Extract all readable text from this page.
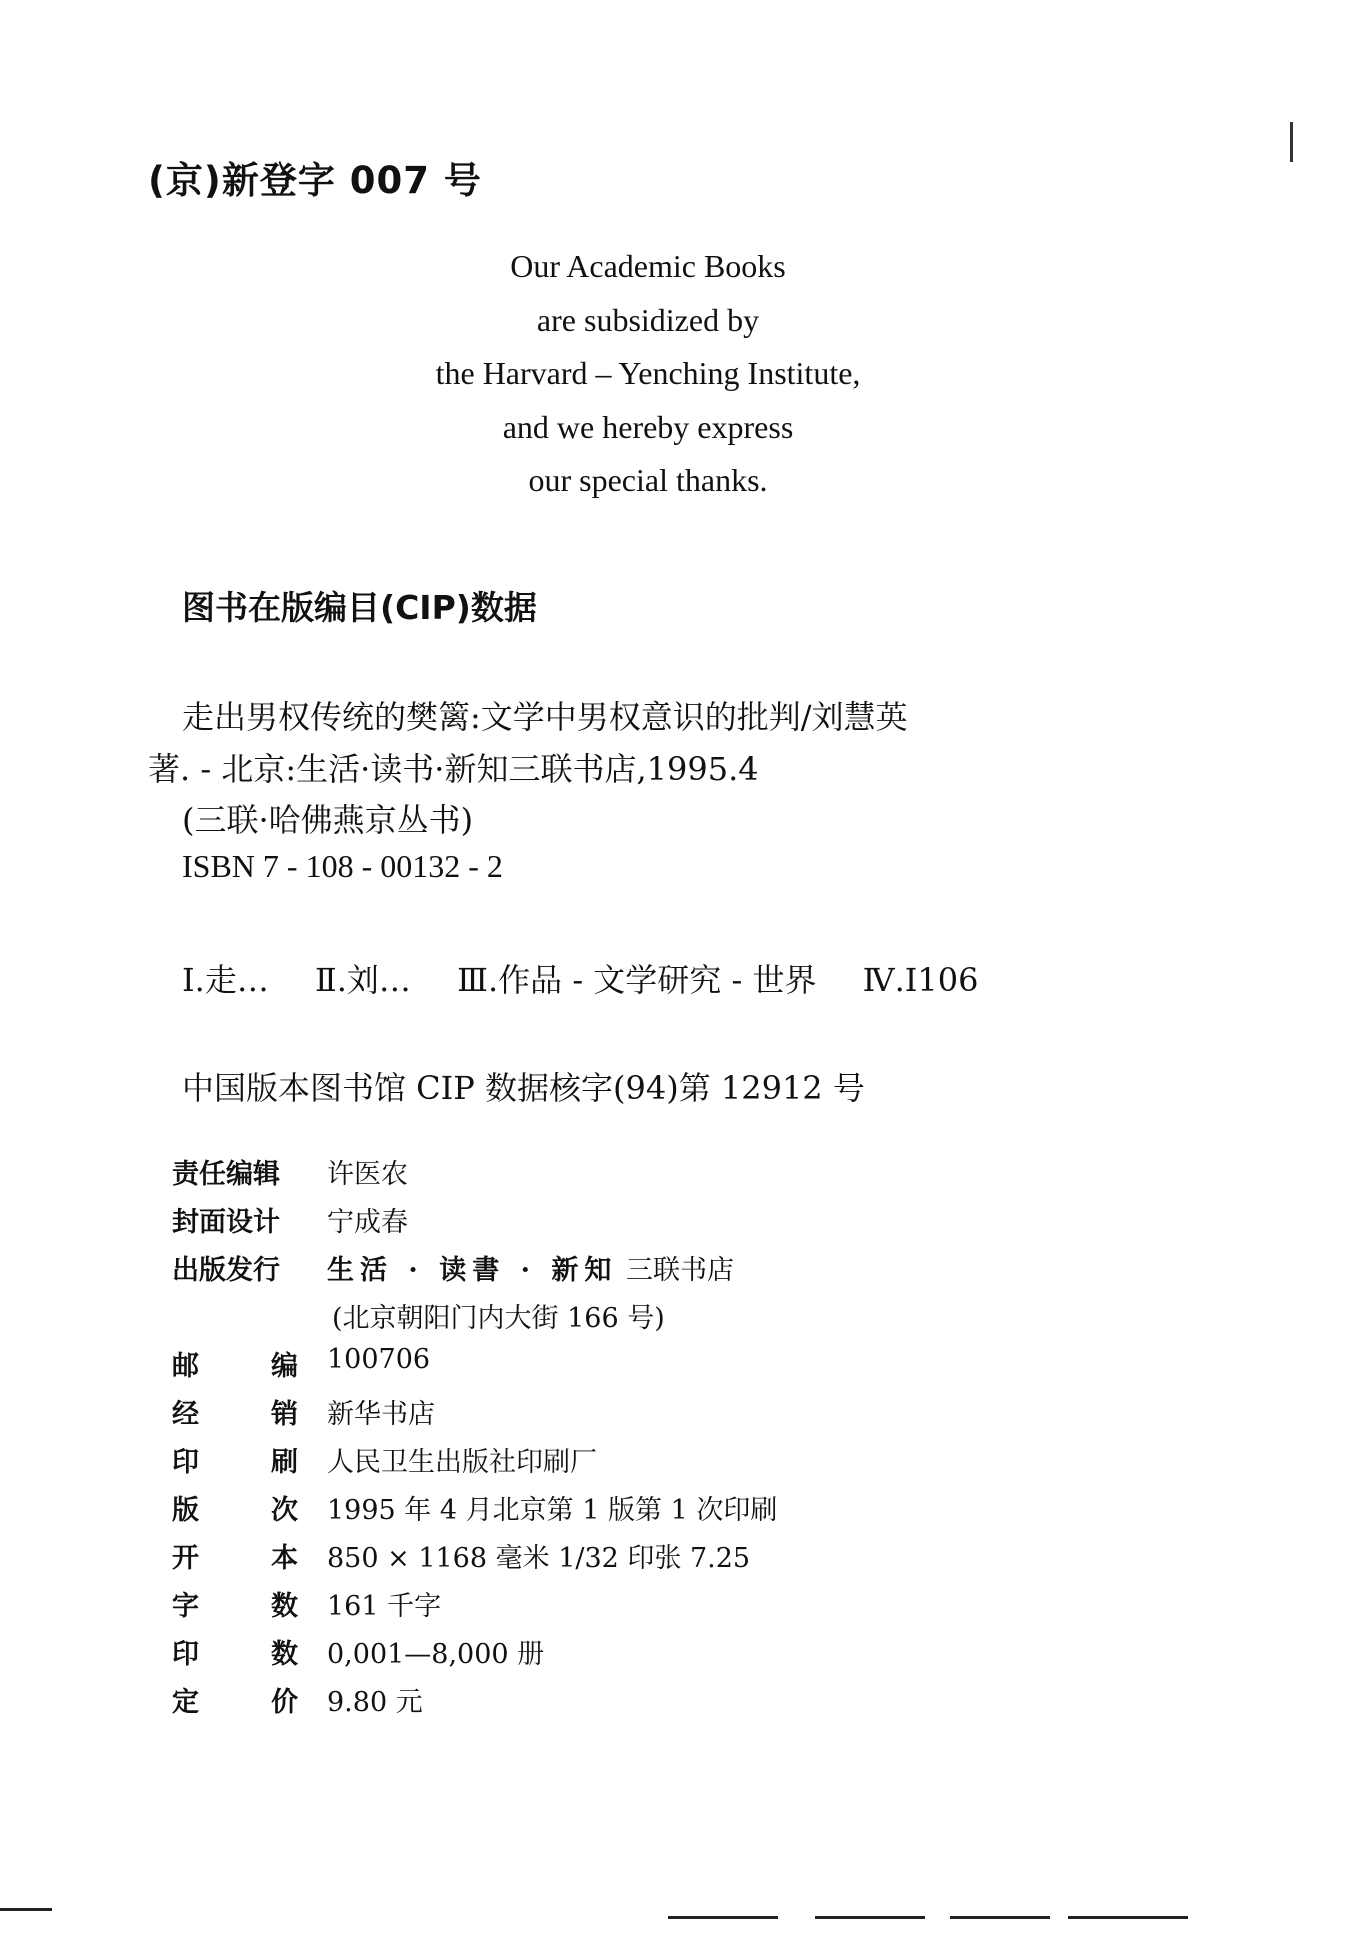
(京)新登字 007 号
Our Academic Books
are subsidized by
the Harvard – Yenching Institute,
and we hereby express
our special thanks.
图书在版编目(CIP)数据
走出男权传统的樊篱:文学中男权意识的批判/刘慧英
著. - 北京:生活·读书·新知三联书店,1995.4
(三联·哈佛燕京丛书)
ISBN 7 - 108 - 00132 - 2
Ⅰ.走… Ⅱ.刘… Ⅲ.作品 - 文学研究 - 世界 Ⅳ.I106
中国版本图书馆 CIP 数据核字(94)第 12912 号
责任编辑 许医农
封面设计 宁成春
出版发行 生活 · 读書 · 新知 三联书店
(北京朝阳门内大街 166 号)
邮	编 100706
经	销 新华书店
印	刷 人民卫生出版社印刷厂
版	次 1995 年 4 月北京第 1 版第 1 次印刷
开	本 850 × 1168 毫米 1/32 印张 7.25
字	数 161 千字
印	数 0,001—8,000 册
定	价 9.80 元
